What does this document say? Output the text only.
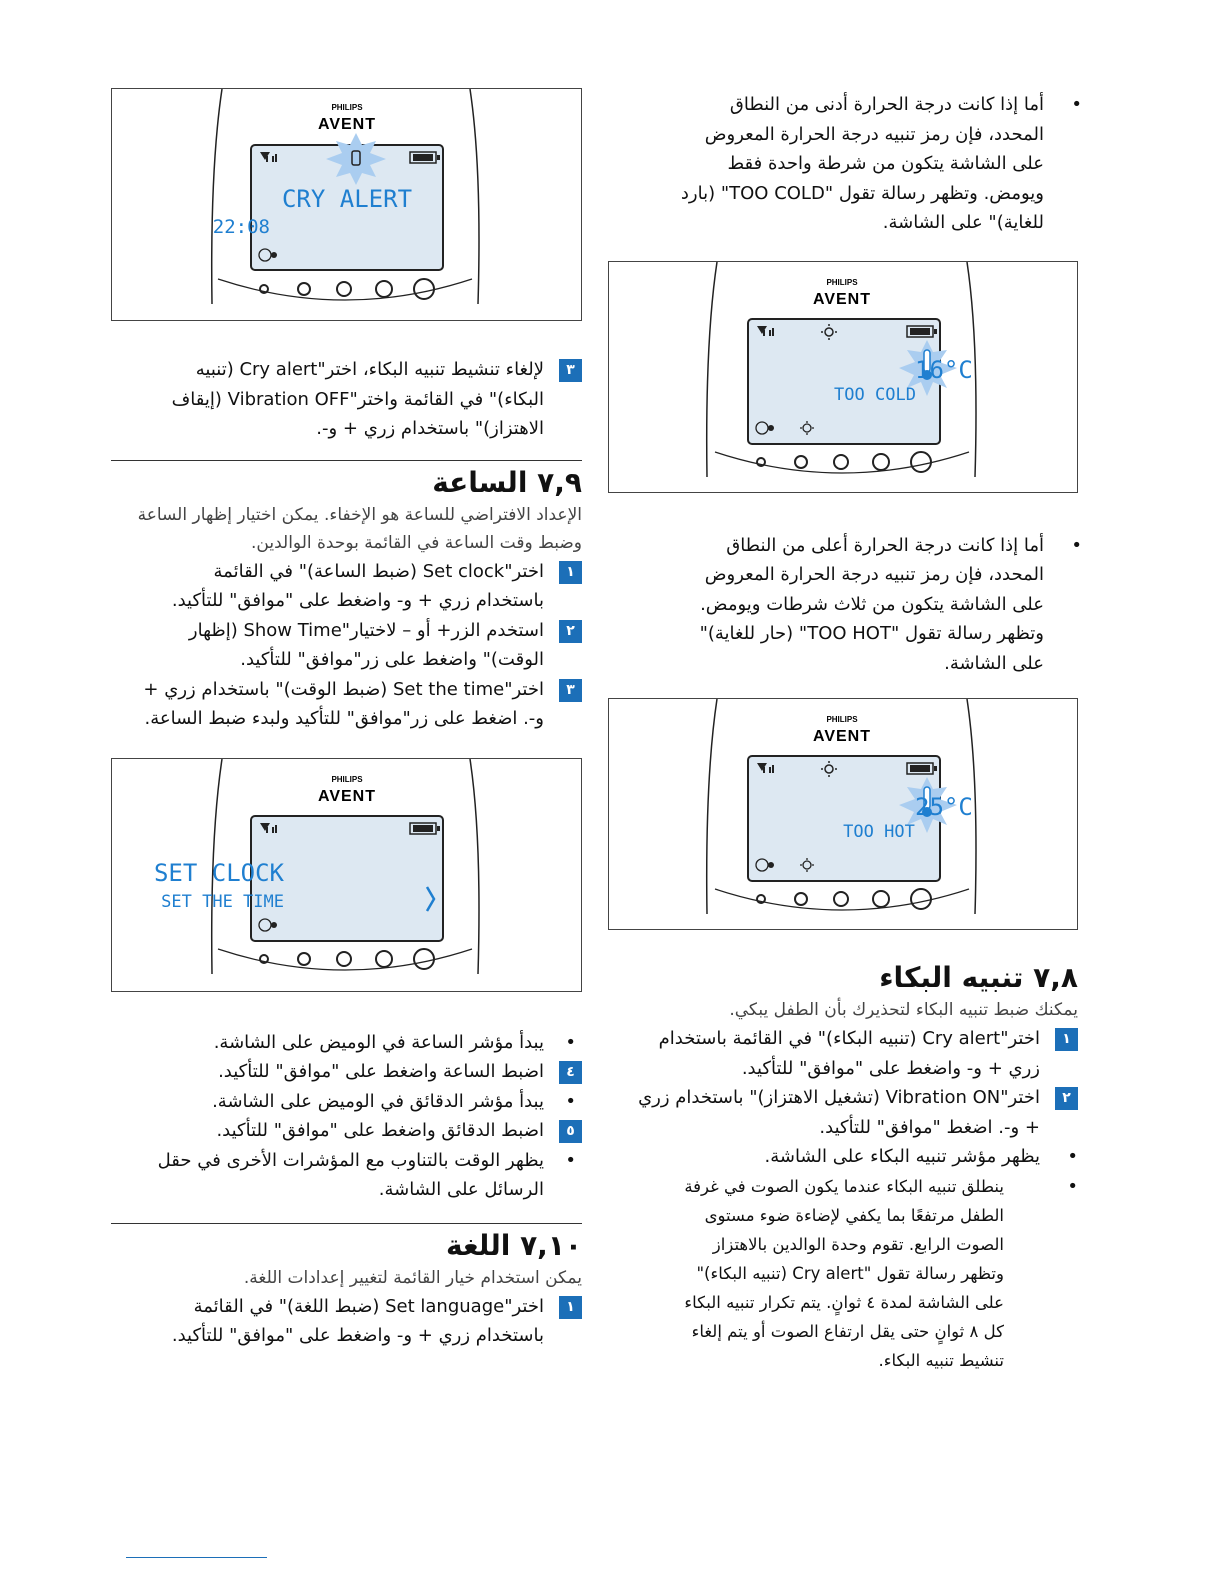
•
أما إذا كانت درجة الحرارة أدنى من النطاق المحدد، فإن رمز تنبيه درجة الحرارة المعروض على الشاشة يتكون من شرطة واحدة فقط ويومض. وتظهر رسالة تقول "TOO COLD" (بارد للغاية)" على الشاشة.
PHILIPS
AVENT
16°C
TOO COLD
•
أما إذا كانت درجة الحرارة أعلى من النطاق المحدد، فإن رمز تنبيه درجة الحرارة المعروض على الشاشة يتكون من ثلاث شرطات ويومض. وتظهر رسالة تقول "TOO HOT" (حار للغاية)" على الشاشة.
PHILIPS
AVENT
25°C
TOO HOT
٧,٨ تنبيه البكاء
يمكنك ضبط تنبيه البكاء لتحذيرك بأن الطفل يبكي.
١
اختر"Cry alert (تنبيه البكاء)" في القائمة باستخدام زري + و- واضغط على "موافق" للتأكيد.
٢
اختر"Vibration ON (تشغيل الاهتزاز)" باستخدام زري + و-. اضغط "موافق" للتأكيد.
•
يظهر مؤشر تنبيه البكاء على الشاشة.
•
ينطلق تنبيه البكاء عندما يكون الصوت في غرفة الطفل مرتفعًا بما يكفي لإضاءة ضوء مستوى الصوت الرابع. تقوم وحدة الوالدين بالاهتزاز وتظهر رسالة تقول "Cry alert (تنبيه البكاء)" على الشاشة لمدة ٤ ثوانٍ. يتم تكرار تنبيه البكاء كل ٨ ثوانٍ حتى يقل ارتفاع الصوت أو يتم إلغاء تنشيط تنبيه البكاء.
PHILIPS
AVENT
CRY ALERT
22:08
٣
لإلغاء تنشيط تنبيه البكاء، اختر"Cry alert (تنبيه البكاء)" في القائمة واختر"Vibration OFF (إيقاف الاهتزاز)" باستخدام زري + و-.
٧,٩ الساعة
الإعداد الافتراضي للساعة هو الإخفاء. يمكن اختيار إظهار الساعة وضبط وقت الساعة في القائمة بوحدة الوالدين.
١
اختر"Set clock (ضبط الساعة)" في القائمة باستخدام زري + و- واضغط على "موافق" للتأكيد.
٢
استخدم الزر+ أو – لاختيار"Show Time (إظهار الوقت)" واضغط على زر"موافق" للتأكيد.
٣
اختر"Set the time (ضبط الوقت)" باستخدام زري + و-. اضغط على زر"موافق" للتأكيد ولبدء ضبط الساعة.
PHILIPS
AVENT
SET CLOCK
SET THE TIME
•
يبدأ مؤشر الساعة في الوميض على الشاشة.
٤
اضبط الساعة واضغط على "موافق" للتأكيد.
•
يبدأ مؤشر الدقائق في الوميض على الشاشة.
٥
اضبط الدقائق واضغط على "موافق" للتأكيد.
•
يظهر الوقت بالتناوب مع المؤشرات الأخرى في حقل الرسائل على الشاشة.
٧,١٠ اللغة
يمكن استخدام خيار القائمة لتغيير إعدادات اللغة.
١
اختر"Set language (ضبط اللغة)" في القائمة باستخدام زري + و- واضغط على "موافق" للتأكيد.
